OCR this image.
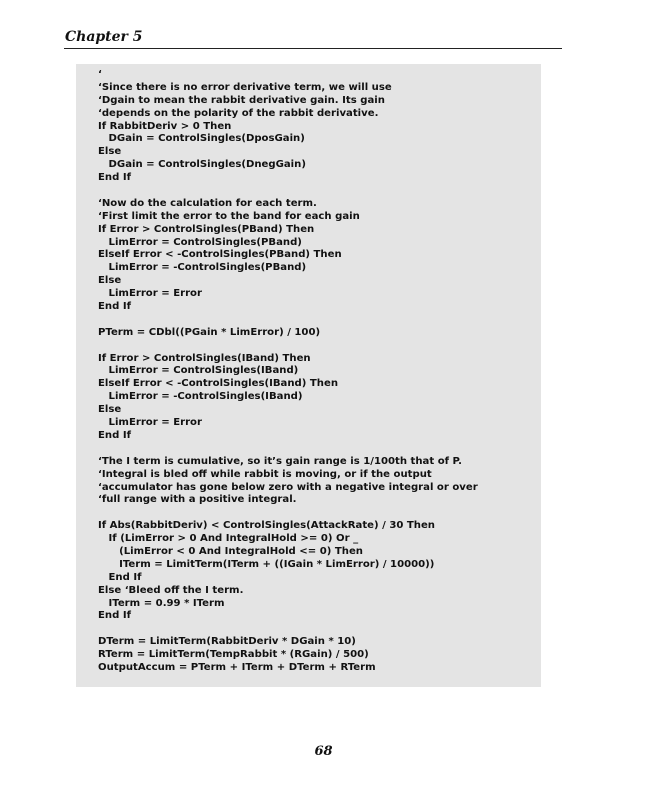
Chapter 5
‘
‘Since there is no error derivative term, we will use
‘Dgain to mean the rabbit derivative gain. Its gain
‘depends on the polarity of the rabbit derivative.
If RabbitDeriv > 0 Then
DGain = ControlSingles(DposGain)
Else
DGain = ControlSingles(DnegGain)
End If
‘Now do the calculation for each term.
‘First limit the error to the band for each gain
If Error > ControlSingles(PBand) Then
LimError = ControlSingles(PBand)
ElseIf Error < -ControlSingles(PBand) Then
LimError = -ControlSingles(PBand)
Else
LimError = Error
End If
PTerm = CDbl((PGain * LimError) / 100)
If Error > ControlSingles(IBand) Then
LimError = ControlSingles(IBand)
ElseIf Error < -ControlSingles(IBand) Then
LimError = -ControlSingles(IBand)
Else
LimError = Error
End If
‘The I term is cumulative, so it’s gain range is 1/100th that of P.
‘Integral is bled off while rabbit is moving, or if the output
‘accumulator has gone below zero with a negative integral or over
‘full range with a positive integral.
If Abs(RabbitDeriv) < ControlSingles(AttackRate) / 30 Then
If (LimError > 0 And IntegralHold >= 0) Or _
(LimError < 0 And IntegralHold <= 0) Then
ITerm = LimitTerm(ITerm + ((IGain * LimError) / 10000))
End If
Else ‘Bleed off the I term.
ITerm = 0.99 * ITerm
End If
DTerm = LimitTerm(RabbitDeriv * DGain * 10)
RTerm = LimitTerm(TempRabbit * (RGain) / 500)
OutputAccum = PTerm + ITerm + DTerm + RTerm
68
